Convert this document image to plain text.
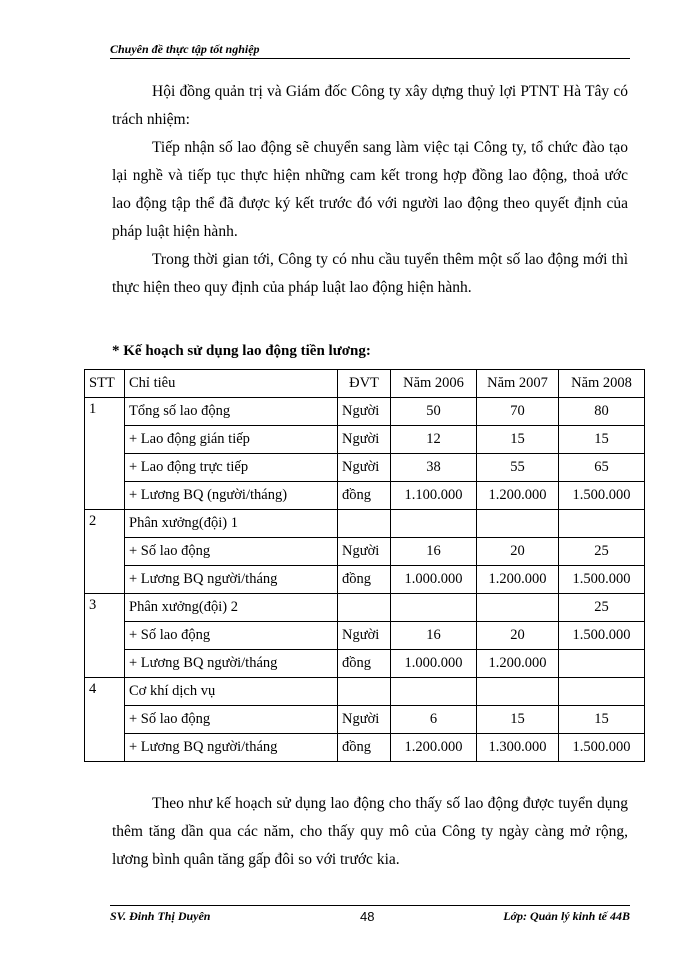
Chuyên đề thực tập tốt nghiệp

Hội đồng quản trị và Giám đốc Công ty xây dựng thuỷ lợi PTNT Hà Tây có trách nhiệm:

Tiếp nhận số lao động sẽ chuyển sang làm việc tại Công ty, tổ chức đào tạo lại nghề và tiếp tục thực hiện những cam kết trong hợp đồng lao động, thoả ước lao động tập thể đã được ký kết trước đó với người lao động theo quyết định của pháp luật hiện hành.

Trong thời gian tới, Công ty có nhu cầu tuyển thêm một số lao động mới thì thực hiện theo quy định của pháp luật lao động hiện hành.

* Kế hoạch sử dụng lao động tiền lương:
STT	Chỉ tiêu	ĐVT	Năm 2006	Năm 2007	Năm 2008
1	Tổng số lao động	Người	50	70	80
	+ Lao động gián tiếp	Người	12	15	15
	+ Lao động trực tiếp	Người	38	55	65
	+ Lương BQ (người/tháng)	đồng	1.100.000	1.200.000	1.500.000
2	Phân xưởng(đội) 1				
	+ Số lao động	Người	16	20	25
	+ Lương BQ người/tháng	đồng	1.000.000	1.200.000	1.500.000
3	Phân xưởng(đội) 2				25
	+ Số lao động	Người	16	20	1.500.000
	+ Lương BQ người/tháng	đồng	1.000.000	1.200.000	
4	Cơ khí dịch vụ				
	+ Số lao động	Người	6	15	15
	+ Lương BQ người/tháng	đồng	1.200.000	1.300.000	1.500.000

Theo như kế hoạch sử dụng lao động cho thấy số lao động được tuyển dụng thêm tăng dần qua các năm, cho thấy quy mô của Công ty ngày càng mở rộng, lương bình quân tăng gấp đôi so với trước kia.

SV. Đinh Thị Duyên	48	Lớp: Quản lý kinh tế 44B
